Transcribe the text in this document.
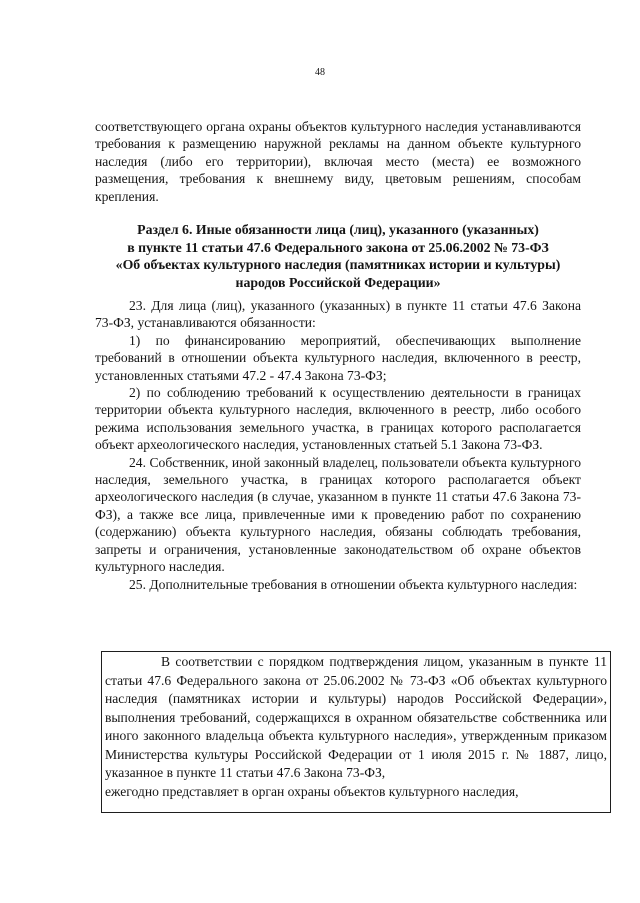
48

соответствующего органа охраны объектов культурного наследия устанавливаются требования к размещению наружной рекламы на данном объекте культурного наследия (либо его территории), включая место (места) ее возможного размещения, требования к внешнему виду, цветовым решениям, способам крепления.

Раздел 6. Иные обязанности лица (лиц), указанного (указанных)
в пункте 11 статьи 47.6 Федерального закона от 25.06.2002 № 73-ФЗ
«Об объектах культурного наследия (памятниках истории и культуры)
народов Российской Федерации»

23. Для лица (лиц), указанного (указанных) в пункте 11 статьи 47.6 Закона 73-ФЗ, устанавливаются обязанности:

1) по финансированию мероприятий, обеспечивающих выполнение требований в отношении объекта культурного наследия, включенного в реестр, установленных статьями 47.2 - 47.4 Закона 73-ФЗ;

2) по соблюдению требований к осуществлению деятельности в границах территории объекта культурного наследия, включенного в реестр, либо особого режима использования земельного участка, в границах которого располагается объект археологического наследия, установленных статьей 5.1 Закона 73-ФЗ.

24. Собственник, иной законный владелец, пользователи объекта культурного наследия, земельного участка, в границах которого располагается объект археологического наследия (в случае, указанном в пункте 11 статьи 47.6 Закона 73-ФЗ), а также все лица, привлеченные ими к проведению работ по сохранению (содержанию) объекта культурного наследия, обязаны соблюдать требования, запреты и ограничения, установленные законодательством об охране объектов культурного наследия.

25. Дополнительные требования в отношении объекта культурного наследия:

В соответствии с порядком подтверждения лицом, указанным в пункте 11 статьи 47.6 Федерального закона от 25.06.2002 № 73-ФЗ «Об объектах культурного наследия (памятниках истории и культуры) народов Российской Федерации», выполнения требований, содержащихся в охранном обязательстве собственника или иного законного владельца объекта культурного наследия», утвержденным приказом Министерства культуры Российской Федерации от 1 июля 2015 г. № 1887, лицо, указанное в пункте 11 статьи 47.6 Закона 73-ФЗ,

ежегодно представляет в орган охраны объектов культурного наследия,
